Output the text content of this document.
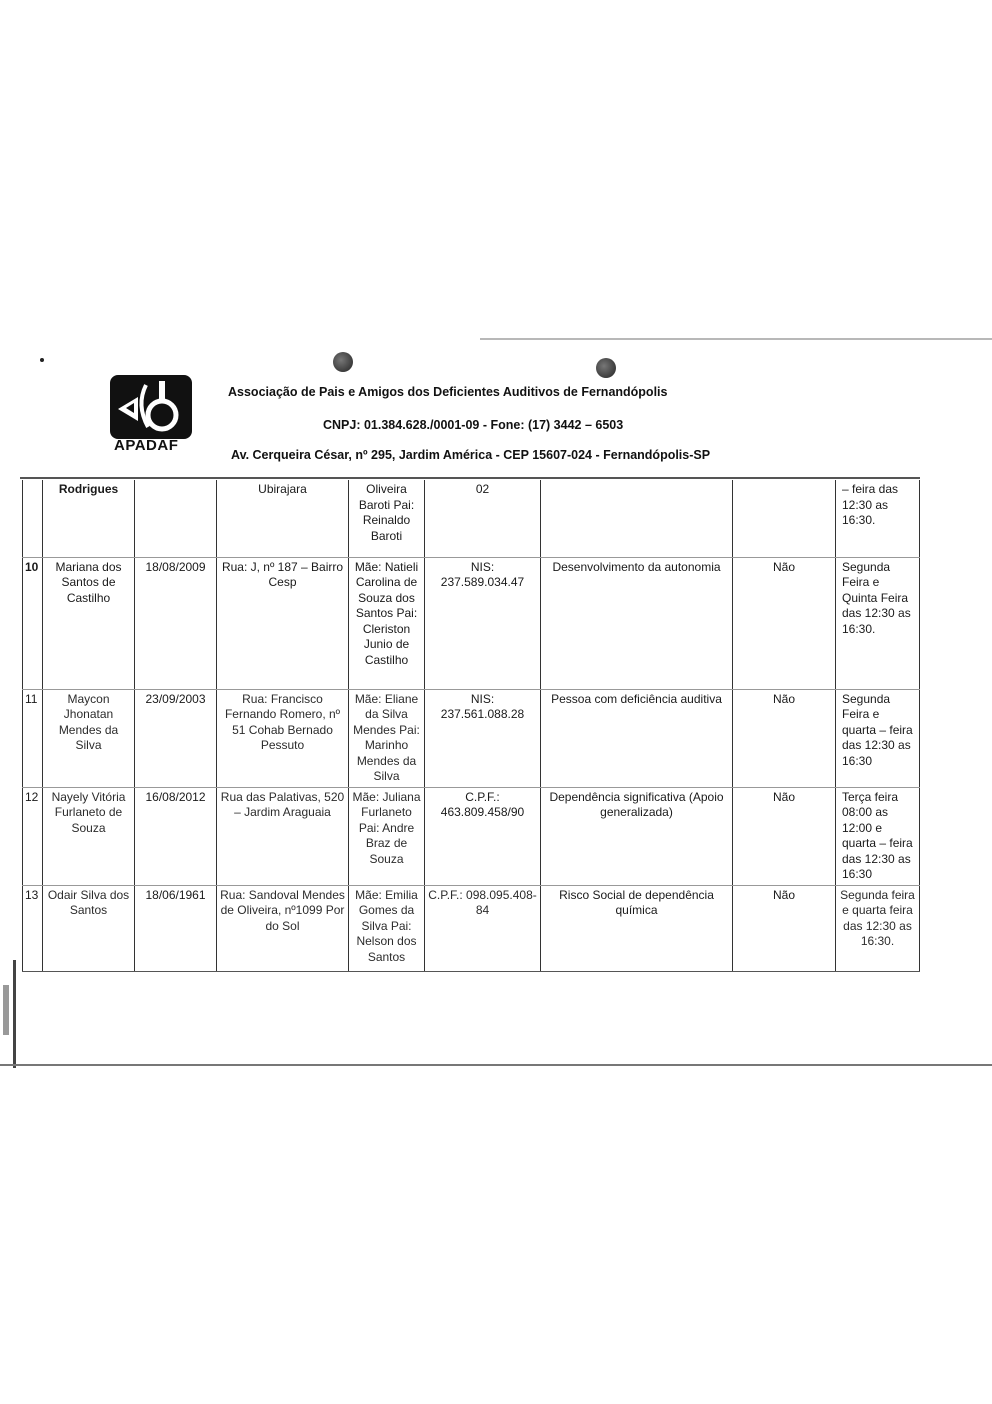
APADAF
Associação de Pais e Amigos dos Deficientes Auditivos de Fernandópolis
CNPJ: 01.384.628./0001-09 - Fone: (17) 3442 – 6503
Av. Cerqueira César, nº 295, Jardim América - CEP 15607-024 - Fernandópolis-SP
	Rodrigues		Ubirajara	Oliveira Baroti Pai: Reinaldo Baroti	02			– feira das 12:30 as 16:30.
10	Mariana dos Santos de Castilho	18/08/2009	Rua: J, nº 187 – Bairro Cesp	Mãe: Natieli Carolina de Souza dos Santos Pai: Cleriston Junio de Castilho	NIS: 237.589.034.47	Desenvolvimento da autonomia	Não	Segunda Feira e Quinta Feira das 12:30 as 16:30.
11	Maycon Jhonatan Mendes da Silva	23/09/2003	Rua: Francisco Fernando Romero, nº 51 Cohab Bernado Pessuto	Mãe: Eliane da Silva Mendes Pai: Marinho Mendes da Silva	NIS: 237.561.088.28	Pessoa com deficiência auditiva	Não	Segunda Feira e quarta – feira das 12:30 as 16:30
12	Nayely Vitória Furlaneto de Souza	16/08/2012	Rua das Palativas, 520 – Jardim Araguaia	Mãe: Juliana Furlaneto Pai: Andre Braz de Souza	C.P.F.: 463.809.458/90	Dependência significativa (Apoio generalizada)	Não	Terça feira 08:00 as 12:00 e quarta – feira das 12:30 as 16:30
13	Odair Silva dos Santos	18/06/1961	Rua: Sandoval Mendes de Oliveira, nº1099 Por do Sol	Mãe: Emilia Gomes da Silva Pai: Nelson dos Santos	C.P.F.: 098.095.408-84	Risco Social de dependência química	Não	Segunda feira e quarta feira das 12:30 as 16:30.
